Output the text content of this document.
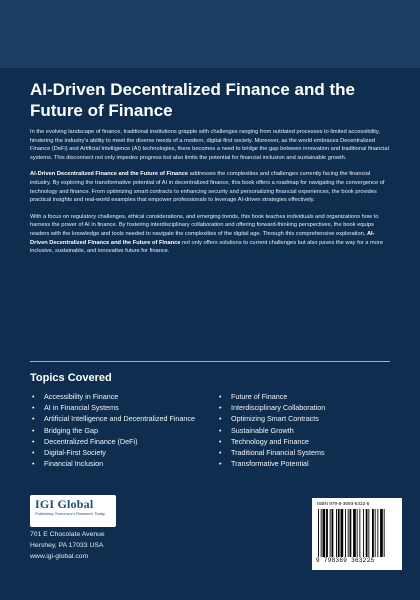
AI-Driven Decentralized Finance and the Future of Finance

In the evolving landscape of finance, traditional institutions grapple with challenges ranging from outdated processes to limited accessibility, hindering the industry's ability to meet the diverse needs of a modern, digital-first society. Moreover, as the world embraces Decentralized Finance (DeFi) and Artificial Intelligence (AI) technologies, there becomes a need to bridge the gap between innovation and traditional financial systems. This disconnect not only impedes progress but also limits the potential for financial inclusion and sustainable growth.

AI-Driven Decentralized Finance and the Future of Finance addresses the complexities and challenges currently facing the financial industry. By exploring the transformative potential of AI in decentralized finance, this book offers a roadmap for navigating the convergence of technology and finance. From optimizing smart contracts to enhancing security and personalizing financial experiences, the book provides practical insights and real-world examples that empower professionals to leverage AI-driven strategies effectively.

With a focus on regulatory challenges, ethical considerations, and emerging trends, this book teaches individuals and organizations how to harness the power of AI in finance. By fostering interdisciplinary collaboration and offering forward-thinking perspectives, the book equips readers with the knowledge and tools needed to navigate the complexities of the digital age. Through this comprehensive exploration, AI-Driven Decentralized Finance and the Future of Finance not only offers solutions to current challenges but also paves the way for a more inclusive, sustainable, and innovative future for finance.

Topics Covered
• Accessibility in Finance
• AI in Financial Systems
• Artificial Intelligence and Decentralized Finance
• Bridging the Gap
• Decentralized Finance (DeFi)
• Digital-First Society
• Financial Inclusion
• Future of Finance
• Interdisciplinary Collaboration
• Optimizing Smart Contracts
• Sustainable Growth
• Technology and Finance
• Traditional Financial Systems
• Transformative Potential
IGI Global
Publishing Tomorrow's Research Today
701 E Chocolate Avenue
Hershey, PA 17033 USA
www.igi-global.com
ISBN 979-8-3693-6322-5
9 798369 363225
